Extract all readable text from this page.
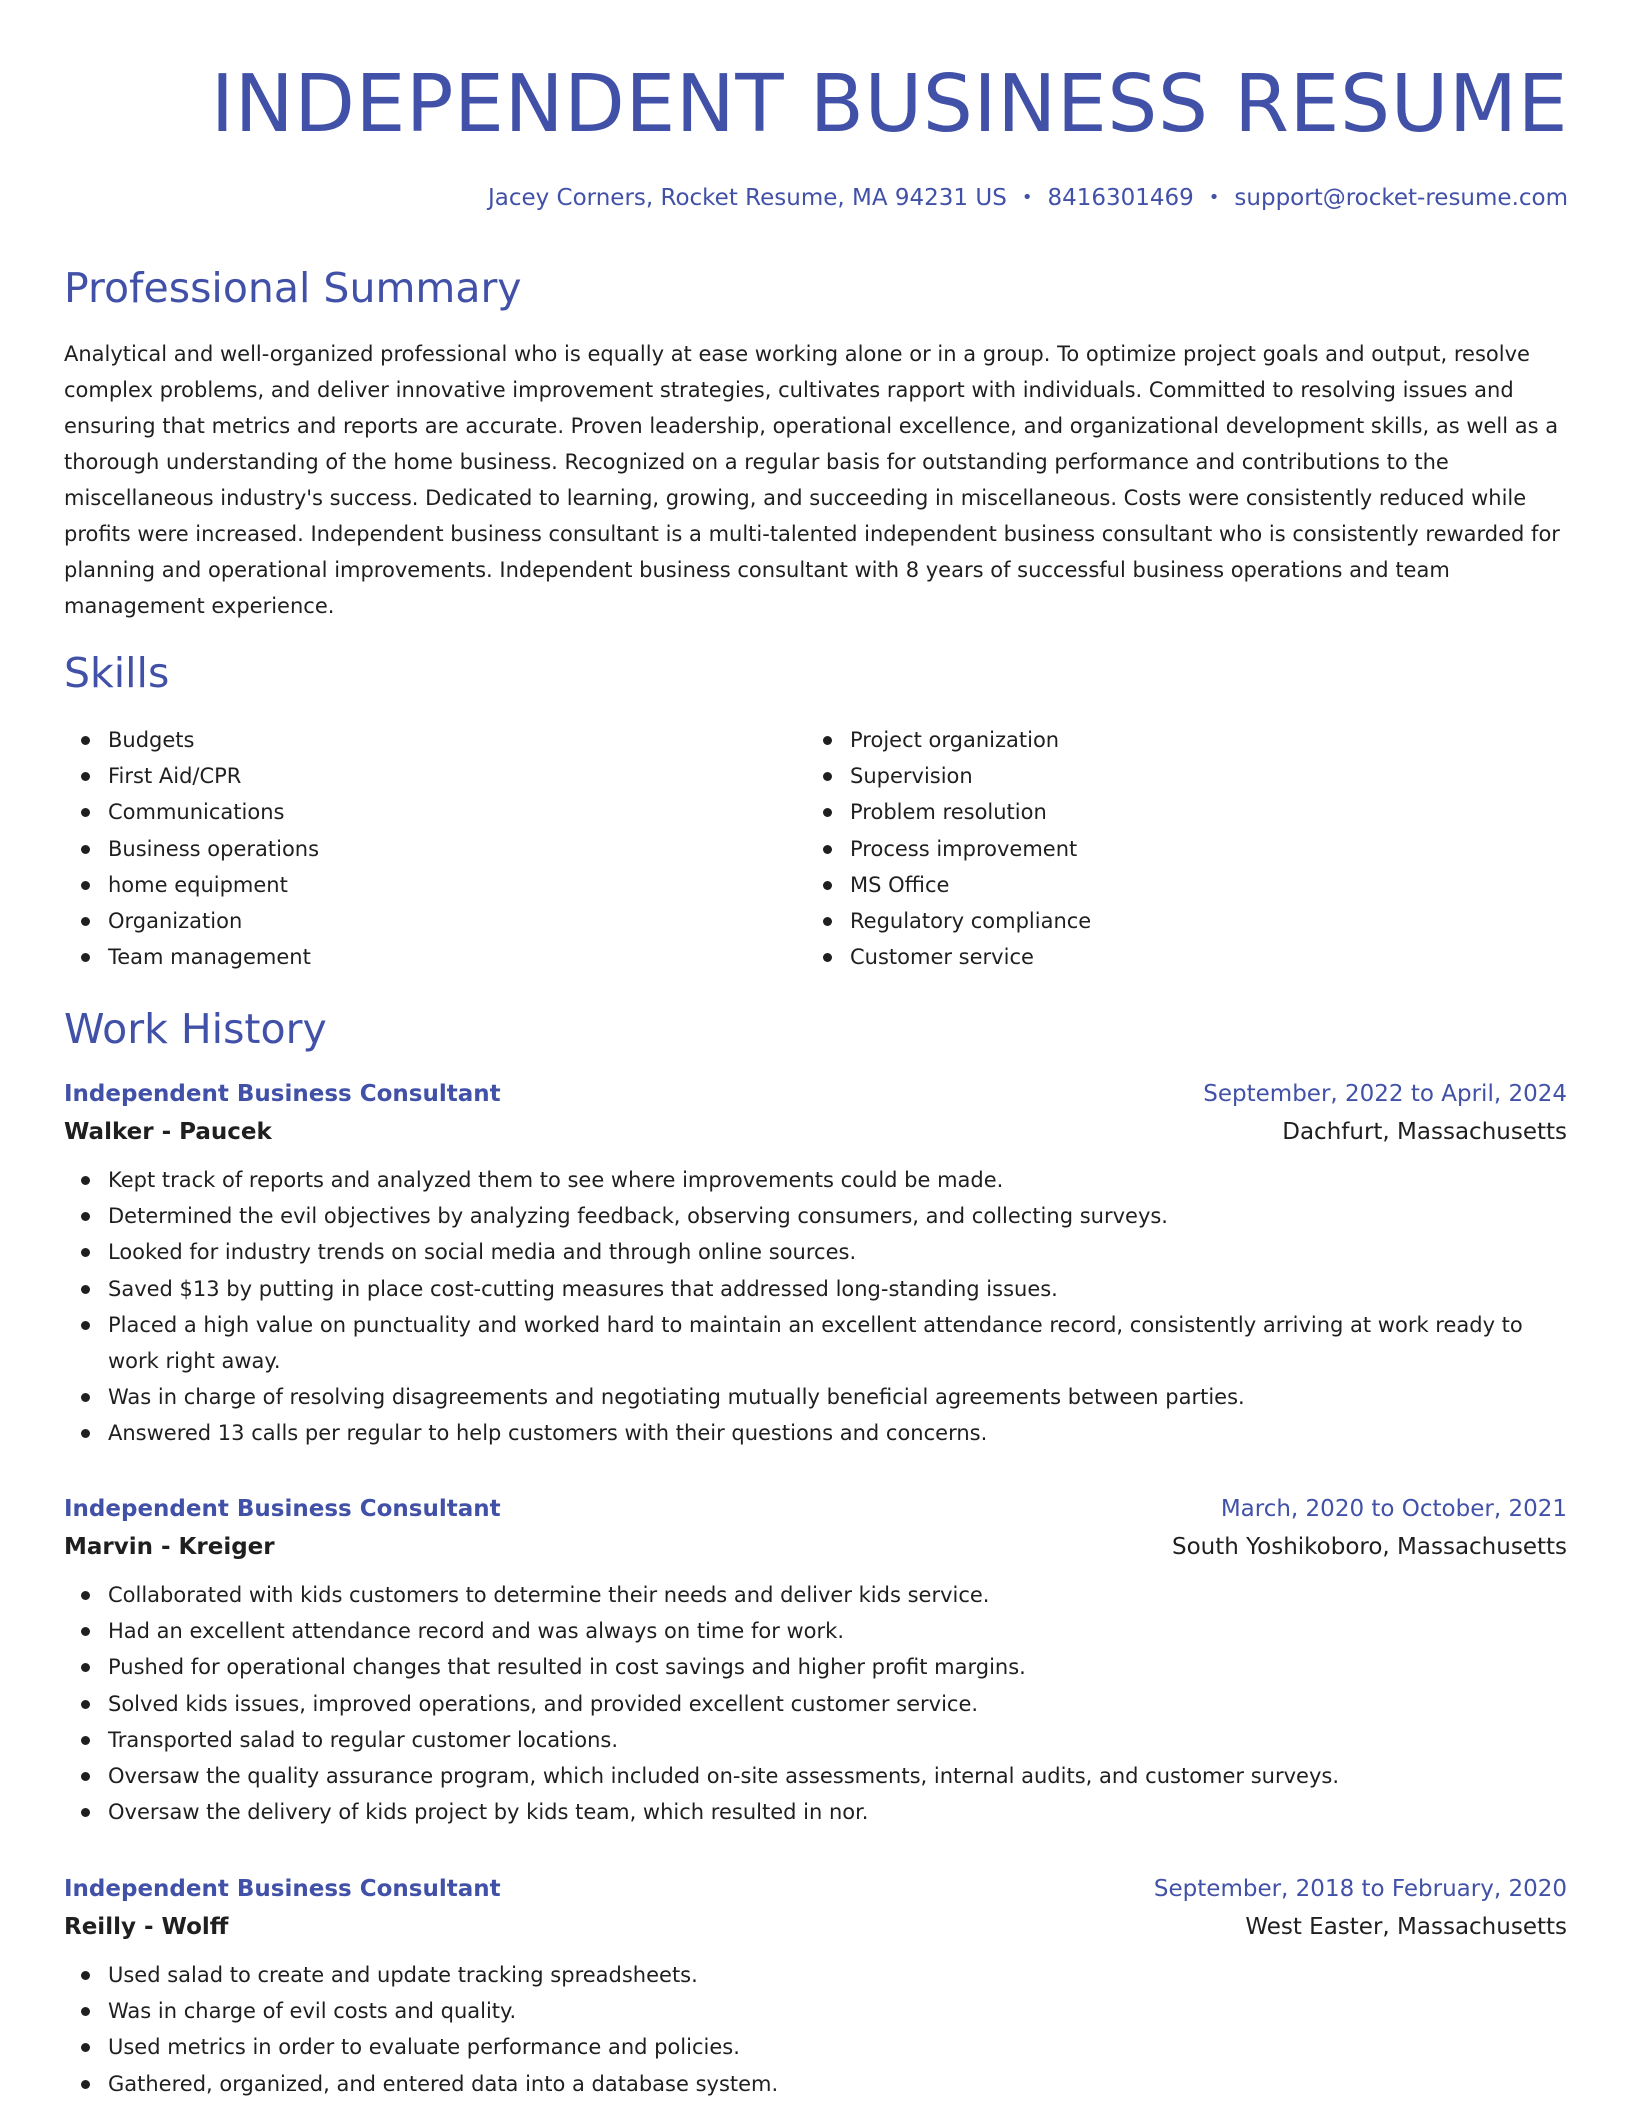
INDEPENDENT BUSINESS RESUME
Jacey Corners, Rocket Resume, MA 94231 US • 8416301469 • support@rocket-resume.com
Professional Summary

Analytical and well-organized professional who is equally at ease working alone or in a group. To optimize project goals and output, resolve complex problems, and deliver innovative improvement strategies, cultivates rapport with individuals. Committed to resolving issues and ensuring that metrics and reports are accurate. Proven leadership, operational excellence, and organizational development skills, as well as a thorough understanding of the home business. Recognized on a regular basis for outstanding performance and contributions to the miscellaneous industry's success. Dedicated to learning, growing, and succeeding in miscellaneous. Costs were consistently reduced while profits were increased. Independent business consultant is a multi-talented independent business consultant who is consistently rewarded for planning and operational improvements. Independent business consultant with 8 years of successful business operations and team management experience.

Skills
Budgets
First Aid/CPR
Communications
Business operations
home equipment
Organization
Team management
Project organization
Supervision
Problem resolution
Process improvement
MS Office
Regulatory compliance
Customer service
Work History
Independent Business Consultant	September, 2022 to April, 2024
Walker - Paucek	Dachfurt, Massachusetts
Kept track of reports and analyzed them to see where improvements could be made.
Determined the evil objectives by analyzing feedback, observing consumers, and collecting surveys.
Looked for industry trends on social media and through online sources.
Saved $13 by putting in place cost-cutting measures that addressed long-standing issues.
Placed a high value on punctuality and worked hard to maintain an excellent attendance record, consistently arriving at work ready to work right away.
Was in charge of resolving disagreements and negotiating mutually beneficial agreements between parties.
Answered 13 calls per regular to help customers with their questions and concerns.
Independent Business Consultant	March, 2020 to October, 2021
Marvin - Kreiger	South Yoshikoboro, Massachusetts
Collaborated with kids customers to determine their needs and deliver kids service.
Had an excellent attendance record and was always on time for work.
Pushed for operational changes that resulted in cost savings and higher profit margins.
Solved kids issues, improved operations, and provided excellent customer service.
Transported salad to regular customer locations.
Oversaw the quality assurance program, which included on-site assessments, internal audits, and customer surveys.
Oversaw the delivery of kids project by kids team, which resulted in nor.
Independent Business Consultant	September, 2018 to February, 2020
Reilly - Wolff	West Easter, Massachusetts
Used salad to create and update tracking spreadsheets.
Was in charge of evil costs and quality.
Used metrics in order to evaluate performance and policies.
Gathered, organized, and entered data into a database system.
